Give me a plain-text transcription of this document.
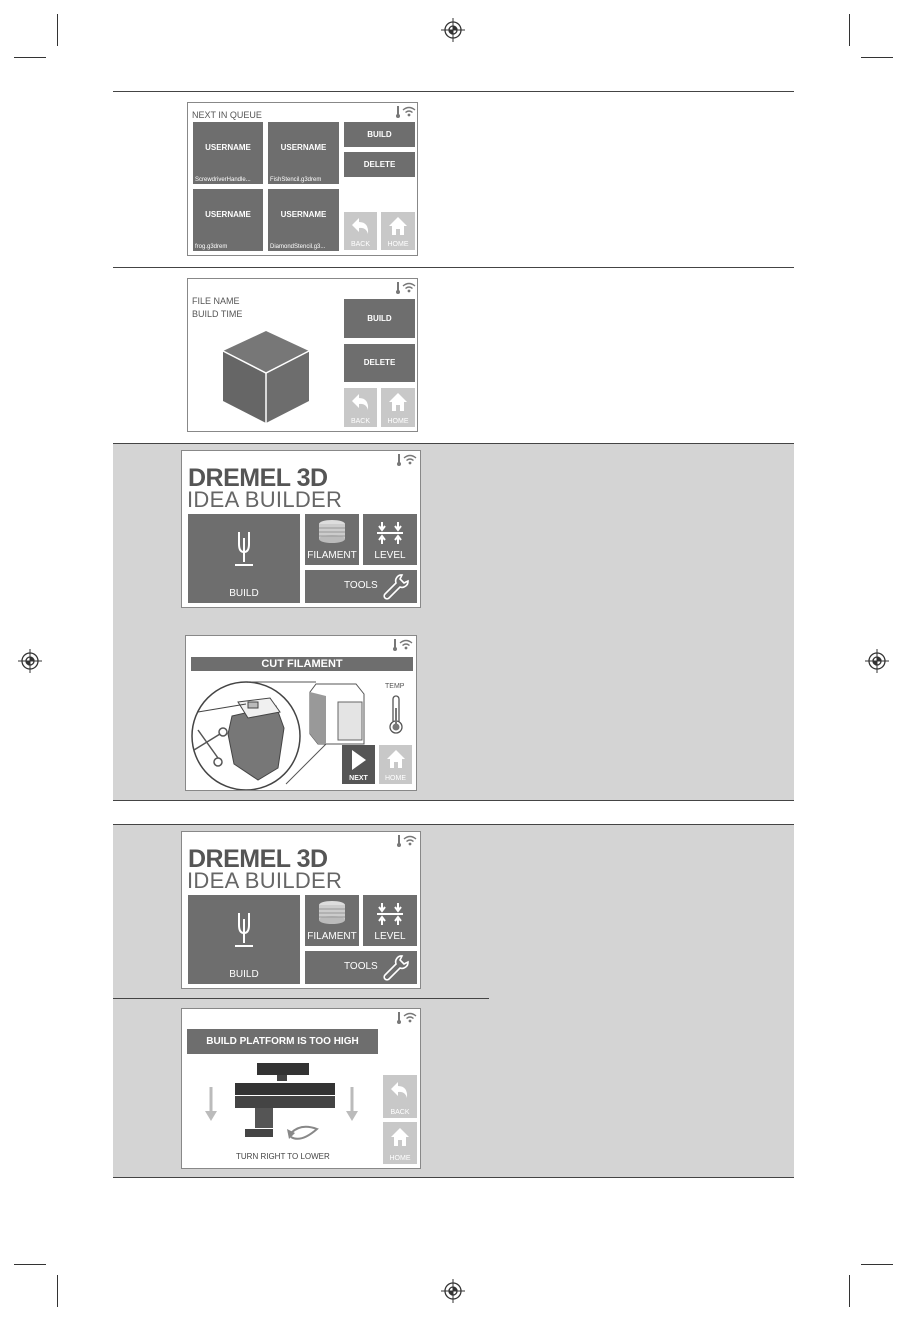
NEXT IN QUEUE
USERNAME
ScrewdriverHandle...
USERNAME
FishStencil.g3drem
USERNAME
frog.g3drem
USERNAME
DiamondStencil.g3...
BUILD
DELETE
BACK	HOME
FILE NAME
BUILD TIME	BUILD
DELETE
BACK	HOME
DREMEL 3D
IDEA BUILDER
BUILD
FILAMENT	LEVEL
TOOLS
CUT FILAMENT
TEMP
NEXT	HOME
DREMEL 3D
IDEA BUILDER
BUILD
FILAMENT	LEVEL
TOOLS
BUILD PLATFORM IS TOO HIGH
TURN RIGHT TO LOWER
BACK
HOME
